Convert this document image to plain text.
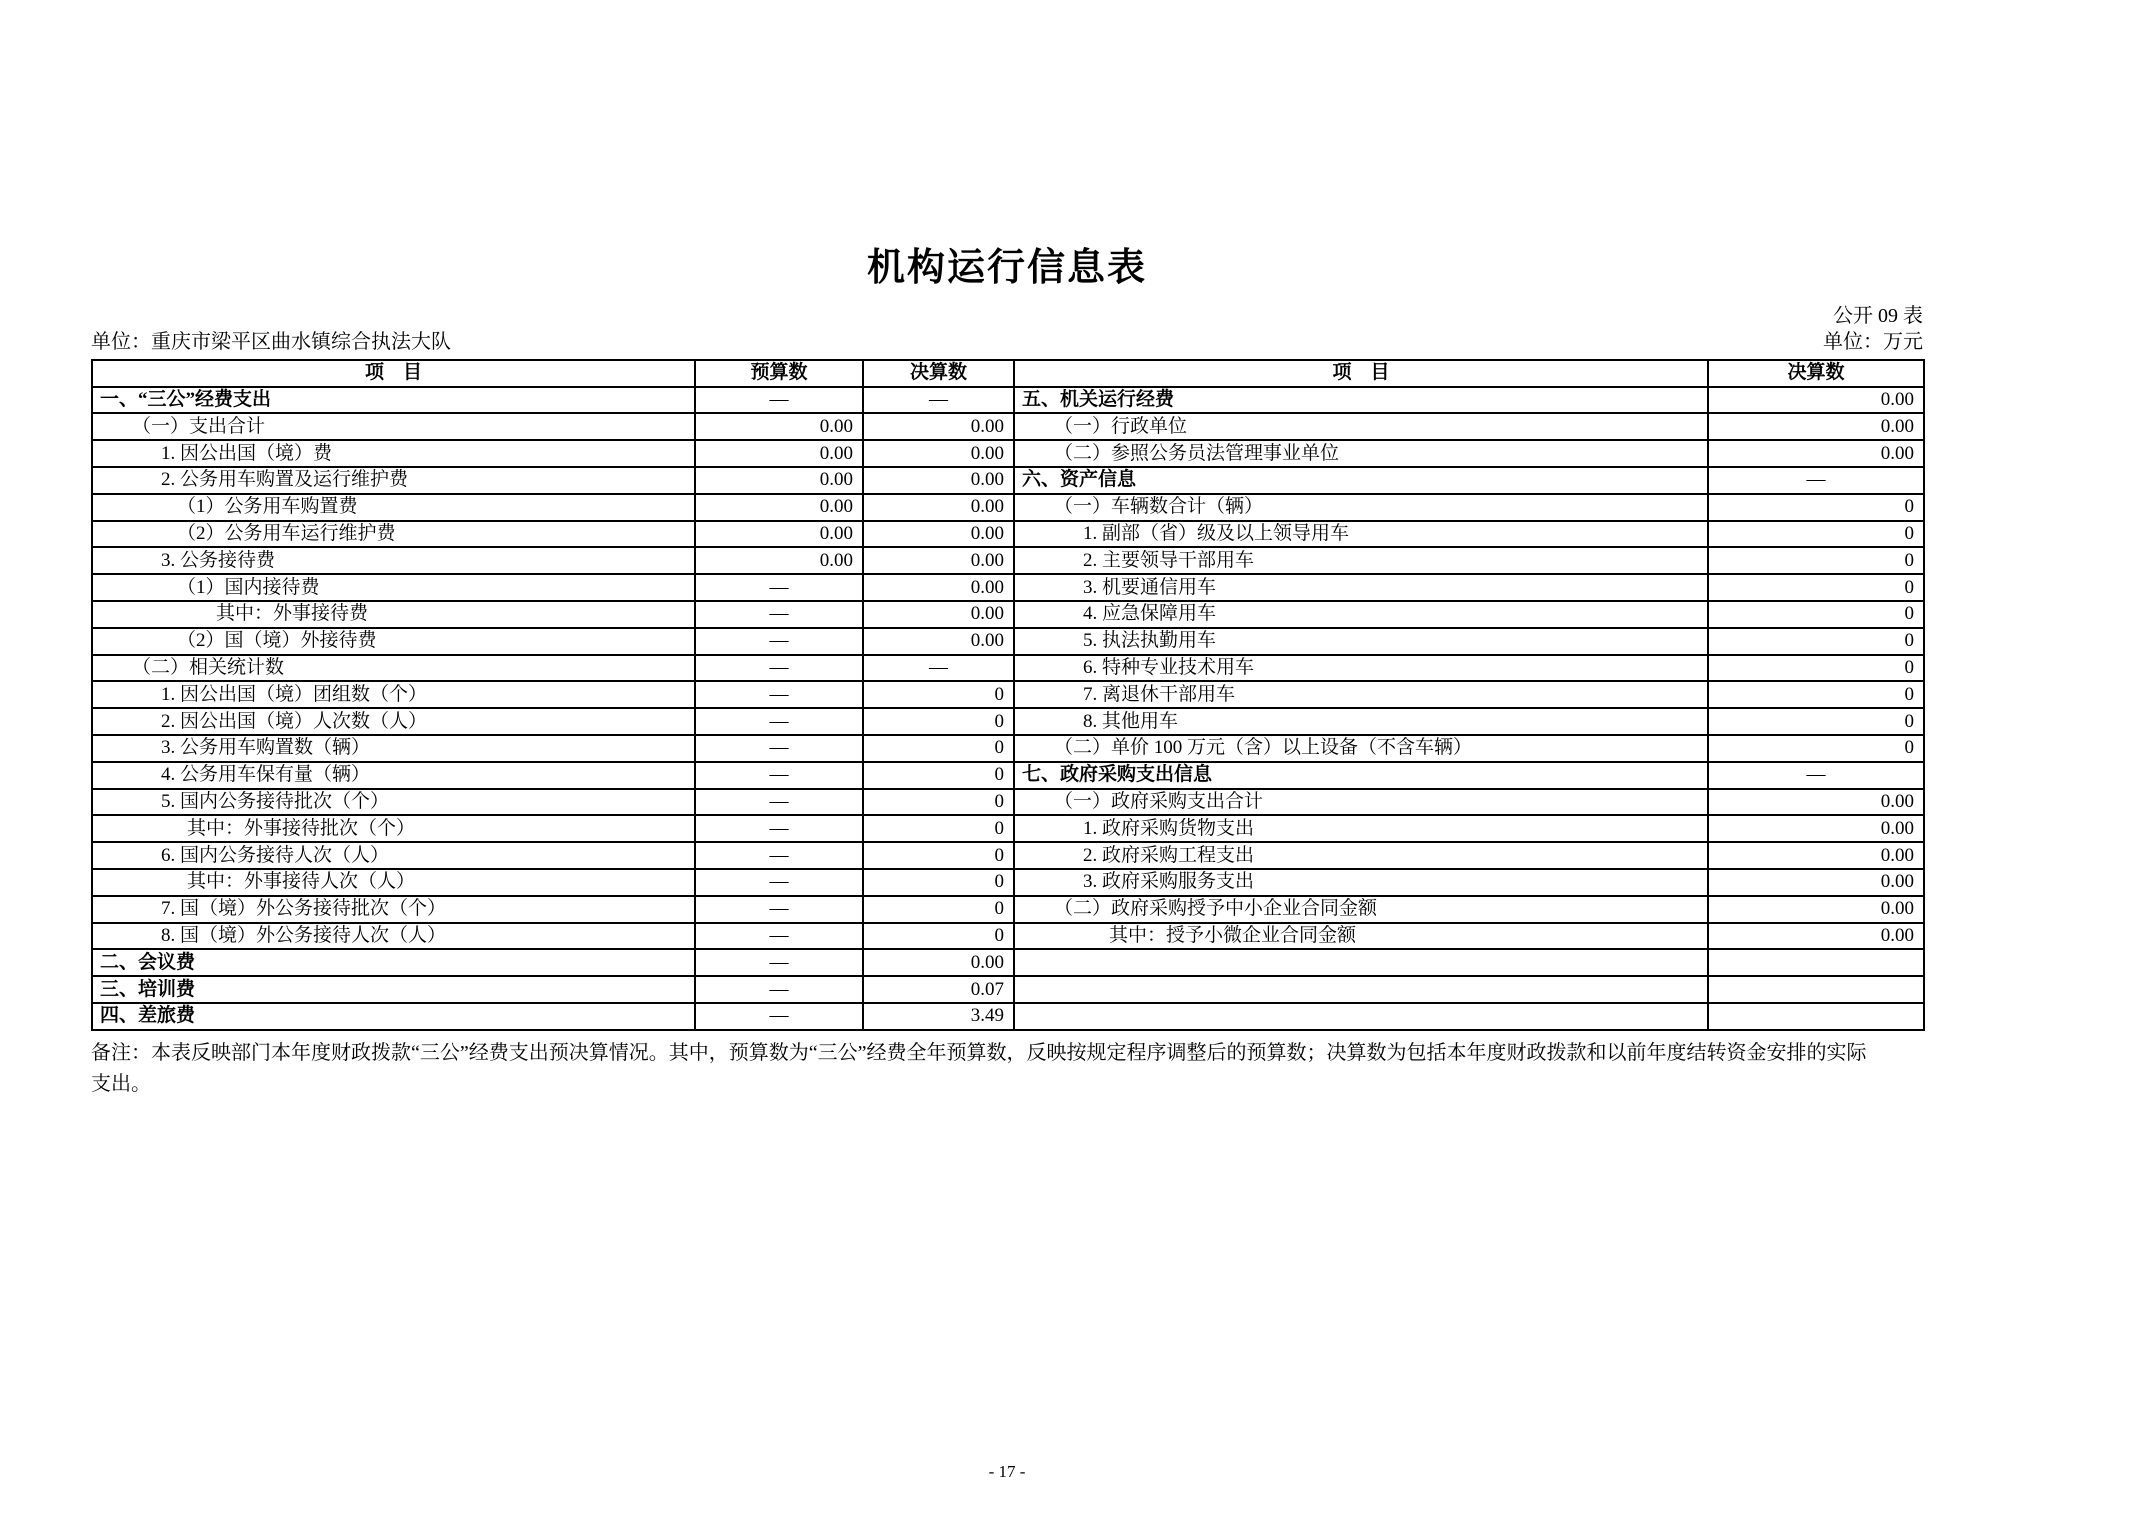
机构运行信息表
公开 09 表
单位：重庆市梁平区曲水镇综合执法大队	单位：万元
项　目	预算数	决算数	项　目	决算数
一、“三公”经费支出	—	—	五、机关运行经费	0.00
（一）支出合计	0.00	0.00	（一）行政单位	0.00
1. 因公出国（境）费	0.00	0.00	（二）参照公务员法管理事业单位	0.00
2. 公务用车购置及运行维护费	0.00	0.00	六、资产信息	—
（1）公务用车购置费	0.00	0.00	（一）车辆数合计（辆）	0
（2）公务用车运行维护费	0.00	0.00	1. 副部（省）级及以上领导用车	0
3. 公务接待费	0.00	0.00	2. 主要领导干部用车	0
（1）国内接待费	—	0.00	3. 机要通信用车	0
其中：外事接待费	—	0.00	4. 应急保障用车	0
（2）国（境）外接待费	—	0.00	5. 执法执勤用车	0
（二）相关统计数	—	—	6. 特种专业技术用车	0
1. 因公出国（境）团组数（个）	—	0	7. 离退休干部用车	0
2. 因公出国（境）人次数（人）	—	0	8. 其他用车	0
3. 公务用车购置数（辆）	—	0	（二）单价 100 万元（含）以上设备（不含车辆）	0
4. 公务用车保有量（辆）	—	0	七、政府采购支出信息	—
5. 国内公务接待批次（个）	—	0	（一）政府采购支出合计	0.00
其中：外事接待批次（个）	—	0	1. 政府采购货物支出	0.00
6. 国内公务接待人次（人）	—	0	2. 政府采购工程支出	0.00
其中：外事接待人次（人）	—	0	3. 政府采购服务支出	0.00
7. 国（境）外公务接待批次（个）	—	0	（二）政府采购授予中小企业合同金额	0.00
8. 国（境）外公务接待人次（人）	—	0	其中：授予小微企业合同金额	0.00
二、会议费	—	0.00		
三、培训费	—	0.07		
四、差旅费	—	3.49		
备注：本表反映部门本年度财政拨款“三公”经费支出预决算情况。其中，预算数为“三公”经费全年预算数，反映按规定程序调整后的预算数；决算数为包括本年度财政拨款和以前年度结转资金安排的实际
支出。
- 17 -
